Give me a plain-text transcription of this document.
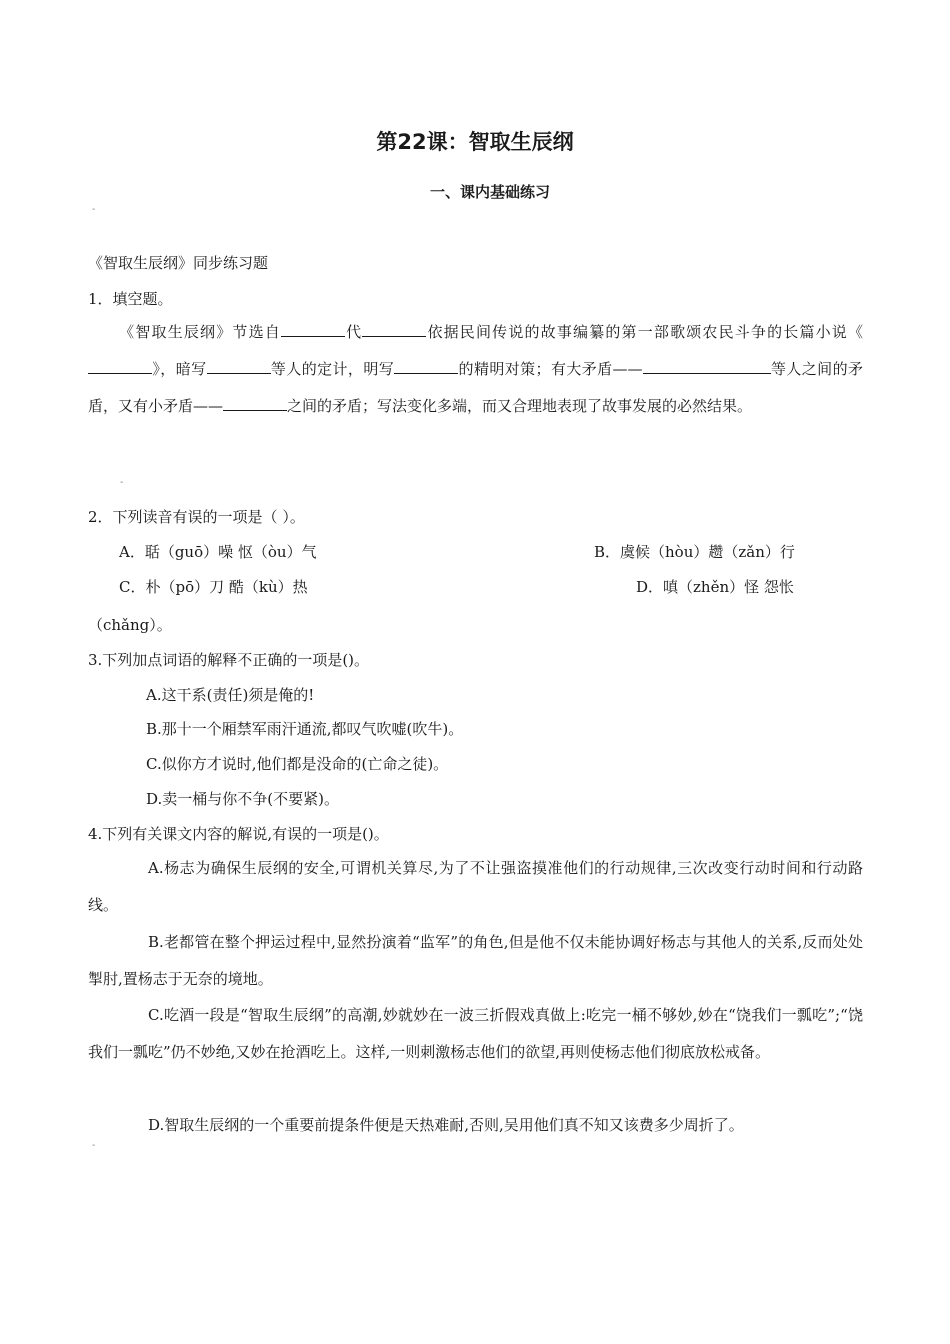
第22课：智取生辰纲
一、课内基础练习
-
《智取生辰纲》同步练习题
1．填空题。
《智取生辰纲》节选自	代	依据民间传说的故事编纂的第一部歌颂农民斗争的长篇小说《》，暗写	等人的定计，明写	的精明对策；有大矛盾——	等人之间的矛盾，又有小矛盾——	之间的矛盾；写法变化多端，而又合理地表现了故事发展的必然结果。
-
2．下列读音有误的一项是（ ）。
A．聒（guō）噪 怄（òu）气	B．虞候（hòu）趱（zǎn）行
C．朴（pō）刀 酷（kù）热	D．嗔（zhěn）怪 怨怅
（chǎng）。
3.下列加点词语的解释不正确的一项是()。
A.这干系(责任)须是俺的!
B.那十一个厢禁军雨汗通流,都叹气吹嘘(吹牛)。
C.似你方才说时,他们都是没命的(亡命之徒)。
D.卖一桶与你不争(不要紧)。
4.下列有关课文内容的解说,有误的一项是()。
A.杨志为确保生辰纲的安全,可谓机关算尽,为了不让强盗摸准他们的行动规律,三次改变行动时间和行动路线。
B.老都管在整个押运过程中,显然扮演着“监军”的角色,但是他不仅未能协调好杨志与其他人的关系,反而处处掣肘,置杨志于无奈的境地。
C.吃酒一段是“智取生辰纲”的高潮,妙就妙在一波三折假戏真做上:吃完一桶不够妙,妙在“饶我们一瓢吃”;“饶我们一瓢吃”仍不妙绝,又妙在抢酒吃上。这样,一则刺激杨志他们的欲望,再则使杨志他们彻底放松戒备。
D.智取生辰纲的一个重要前提条件便是天热难耐,否则,吴用他们真不知又该费多少周折了。
-
